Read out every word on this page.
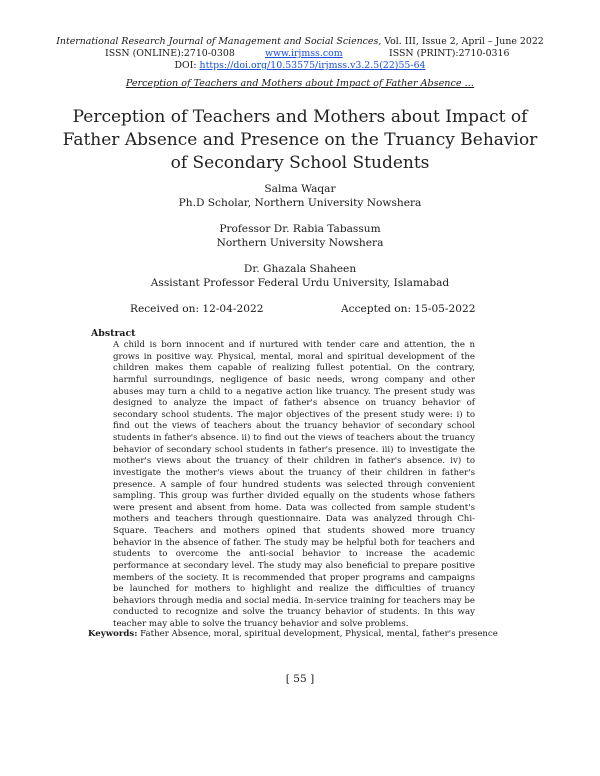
International Research Journal of Management and Social Sciences, Vol. III, Issue 2, April – June 2022
ISSN (ONLINE):2710-0308	www.irjmss.com	ISSN (PRINT):2710-0316
DOI: https://doi.org/10.53575/irjmss.v3.2.5(22)55-64
Perception of Teachers and Mothers about Impact of Father Absence …
Perception of Teachers and Mothers about Impact of Father Absence and Presence on the Truancy Behavior of Secondary School Students
Salma Waqar
Ph.D Scholar, Northern University Nowshera
Professor Dr. Rabia Tabassum
Northern University Nowshera
Dr. Ghazala Shaheen
Assistant Professor Federal Urdu University, Islamabad
Received on: 12-04-2022	Accepted on: 15-05-2022
Abstract
A child is born innocent and if nurtured with tender care and attention, the n grows in positive way. Physical, mental, moral and spiritual development of the children makes them capable of realizing fullest potential. On the contrary, harmful surroundings, negligence of basic needs, wrong company and other abuses may turn a child to a negative action like truancy. The present study was designed to analyze the impact of father's absence on truancy behavior of secondary school students. The major objectives of the present study were: i) to find out the views of teachers about the truancy behavior of secondary school students in father's absence. ii) to find out the views of teachers about the truancy behavior of secondary school students in father's presence. iii) to investigate the mother's views about the truancy of their children in father's absence. iv) to investigate the mother's views about the truancy of their children in father's presence. A sample of four hundred students was selected through convenient sampling. This group was further divided equally on the students whose fathers were present and absent from home. Data was collected from sample student's mothers and teachers through questionnaire. Data was analyzed through Chi-Square. Teachers and mothers opined that students showed more truancy behavior in the absence of father. The study may be helpful both for teachers and students to overcome the anti-social behavior to increase the academic performance at secondary level. The study may also beneficial to prepare positive members of the society. It is recommended that proper programs and campaigns be launched for mothers to highlight and realize the difficulties of truancy behaviors through media and social media. In-service training for teachers may be conducted to recognize and solve the truancy behavior of students. In this way teacher may able to solve the truancy behavior and solve problems.
Keywords: Father Absence, moral, spiritual development, Physical, mental, father's presence
[ 55 ]
